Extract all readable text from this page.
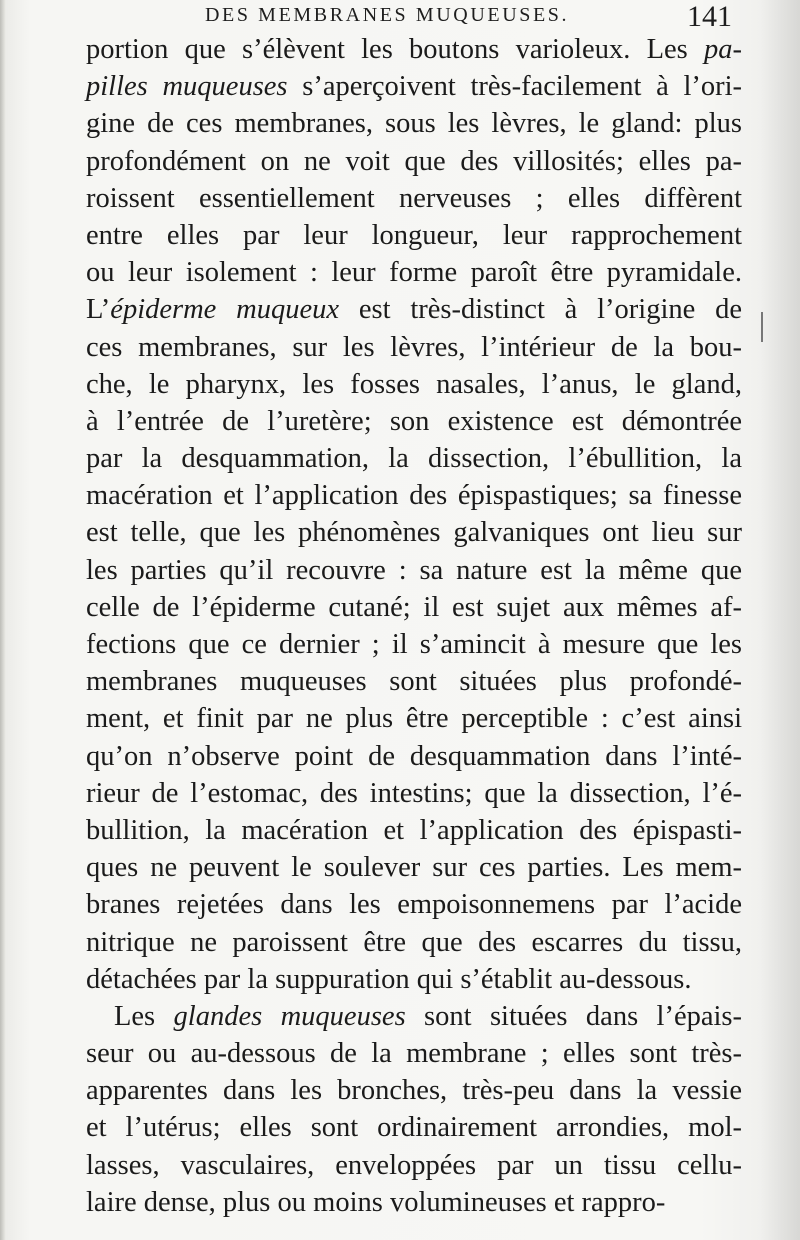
DES MEMBRANES MUQUEUSES.	141
portion que s’élèvent les boutons varioleux. Les pa-
pilles muqueuses s’aperçoivent très-facilement à l’ori-
gine de ces membranes, sous les lèvres, le gland: plus
profondément on ne voit que des villosités; elles pa-
roissent essentiellement nerveuses ; elles diffèrent
entre elles par leur longueur, leur rapprochement
ou leur isolement : leur forme paroît être pyramidale.
L’épiderme muqueux est très-distinct à l’origine de
ces membranes, sur les lèvres, l’intérieur de la bou-
che, le pharynx, les fosses nasales, l’anus, le gland,
à l’entrée de l’uretère; son existence est démontrée
par la desquammation, la dissection, l’ébullition, la
macération et l’application des épispastiques; sa finesse
est telle, que les phénomènes galvaniques ont lieu sur
les parties qu’il recouvre : sa nature est la même que
celle de l’épiderme cutané; il est sujet aux mêmes af-
fections que ce dernier ; il s’amincit à mesure que les
membranes muqueuses sont situées plus profondé-
ment, et finit par ne plus être perceptible : c’est ainsi
qu’on n’observe point de desquammation dans l’inté-
rieur de l’estomac, des intestins; que la dissection, l’é-
bullition, la macération et l’application des épispasti-
ques ne peuvent le soulever sur ces parties. Les mem-
branes rejetées dans les empoisonnemens par l’acide
nitrique ne paroissent être que des escarres du tissu,
détachées par la suppuration qui s’établit au-dessous.
Les glandes muqueuses sont situées dans l’épais-
seur ou au-dessous de la membrane ; elles sont très-
apparentes dans les bronches, très-peu dans la vessie
et l’utérus; elles sont ordinairement arrondies, mol-
lasses, vasculaires, enveloppées par un tissu cellu-
laire dense, plus ou moins volumineuses et rappro-
